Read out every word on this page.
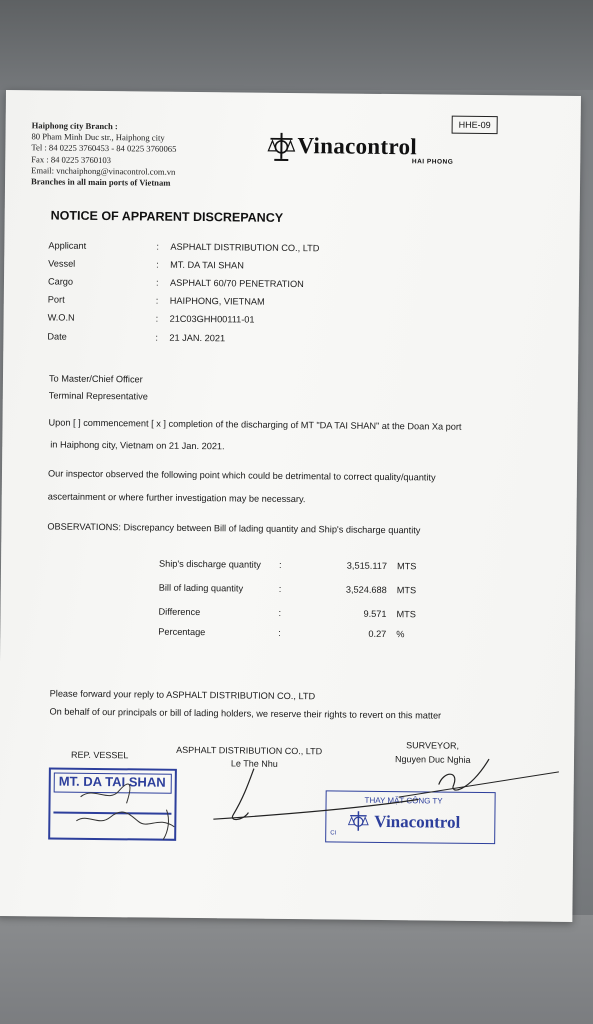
Haiphong city Branch :
80 Pham Minh Duc str., Haiphong city
Tel : 84 0225 3760453 - 84 0225 3760065
Fax : 84 0225 3760103
Email: vnchaiphong@vinacontrol.com.vn
Branches in all main ports of Vietnam
Vinacontrol
HAI PHONG
HHE-09
NOTICE OF APPARENT DISCREPANCY
Applicant	: ASPHALT DISTRIBUTION CO., LTD
Vessel	: MT. DA TAI SHAN
Cargo	: ASPHALT 60/70 PENETRATION
Port	: HAIPHONG, VIETNAM
W.O.N	: 21C03GHH00111-01
Date	: 21 JAN. 2021
To Master/Chief Officer
Terminal Representative
Upon [ ] commencement [ x ] completion of the discharging of MT "DA TAI SHAN" at the Doan Xa port
in Haiphong city, Vietnam on 21 Jan. 2021.
Our inspector observed the following point which could be detrimental to correct quality/quantity
ascertainment or where further investigation may be necessary.
OBSERVATIONS: Discrepancy between Bill of lading quantity and Ship's discharge quantity
Ship's discharge quantity :	3,515.117 MTS
Bill of lading quantity	:	3,524.688 MTS
Difference	:	9.571 MTS
Percentage	:	0.27 %
Please forward your reply to ASPHALT DISTRIBUTION CO., LTD
On behalf of our principals or bill of lading holders, we reserve their rights to revert on this matter
REP. VESSEL	ASPHALT DISTRIBUTION CO., LTD
Le The Nhu
SURVEYOR,
Nguyen Duc Nghia
MT. DA TAI SHAN
THAY MẶT CÔNG TY
Vinacontrol
CI
